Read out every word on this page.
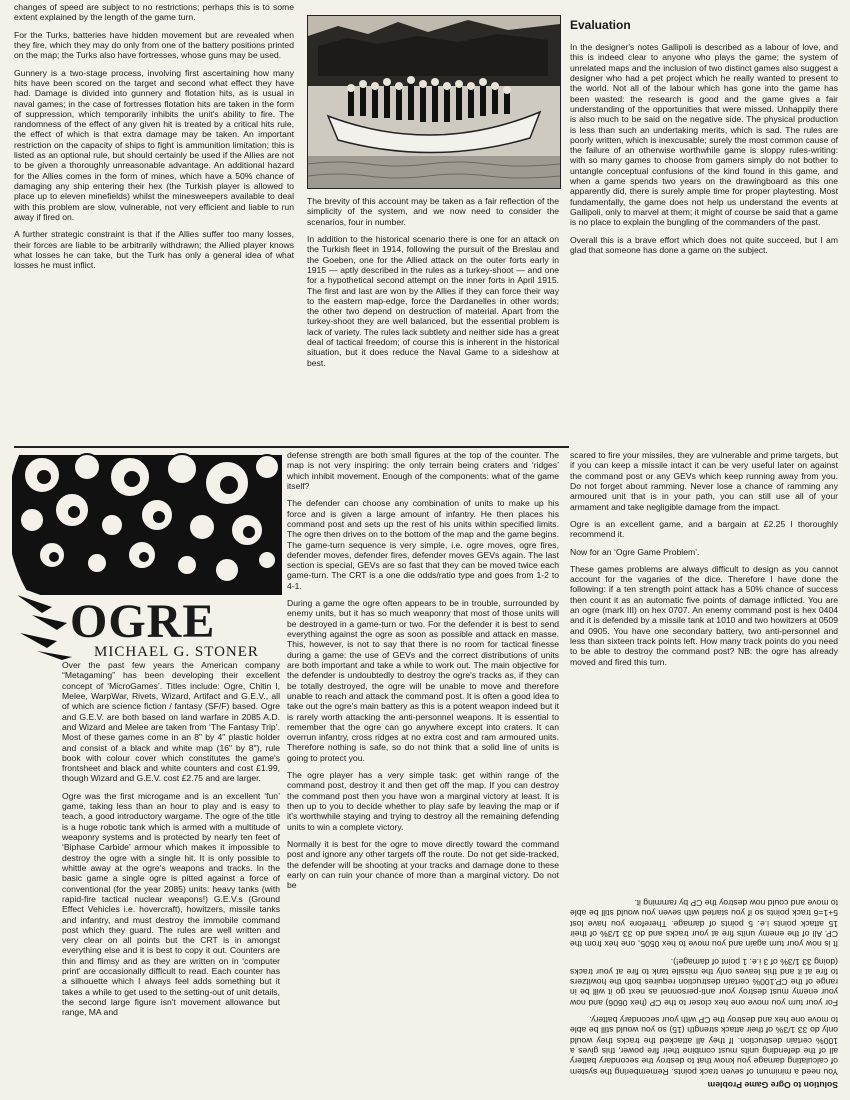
changes of speed are subject to no restrictions; perhaps this is to some extent explained by the length of the game turn.

For the Turks, batteries have hidden movement but are revealed when they fire, which they may do only from one of the battery positions printed on the map; the Turks also have fortresses, whose guns may be used.

Gunnery is a two-stage process, involving first ascertaining how many hits have been scored on the target and second what effect they have had. Damage is divided into gunnery and flotation hits, as is usual in naval games; in the case of fortresses flotation hits are taken in the form of suppression, which temporarily inhibits the unit's ability to fire. The randomness of the effect of any given hit is treated by a critical hits rule, the effect of which is that extra damage may be taken. An important restriction on the capacity of ships to fight is ammunition limitation; this is listed as an optional rule, but should certainly be used if the Allies are not to be given a thoroughly unreasonable advantage. An additional hazard for the Allies comes in the form of mines, which have a 50% chance of damaging any ship entering their hex (the Turkish player is allowed to place up to eleven minefields) whilst the minesweepers available to deal with this problem are slow, vulnerable, not very efficient and liable to run away if fired on.

A further strategic constraint is that if the Allies suffer too many losses, their forces are liable to be arbitrarily withdrawn; the Allied player knows what losses he can take, but the Turk has only a general idea of what losses he must inflict.

The brevity of this account may be taken as a fair reflection of the simplicity of the system, and we now need to consider the scenarios, four in number.

In addition to the historical scenario there is one for an attack on the Turkish fleet in 1914, following the pursuit of the Breslau and the Goeben, one for the Allied attack on the outer forts early in 1915 — aptly described in the rules as a turkey-shoot — and one for a hypothetical second attempt on the inner forts in April 1915. The first and last are won by the Allies if they can force their way to the eastern map-edge, force the Dardanelles in other words; the other two depend on destruction of material. Apart from the turkey-shoot they are well balanced, but the essential problem is lack of variety. The rules lack subtlety and neither side has a great deal of tactical freedom; of course this is inherent in the historical situation, but it does reduce the Naval Game to a sideshow at best.

Evaluation

In the designer's notes Gallipoli is described as a labour of love, and this is indeed clear to anyone who plays the game; the system of unrelated maps and the inclusion of two distinct games also suggest a designer who had a pet project which he really wanted to present to the world. Not all of the labour which has gone into the game has been wasted: the research is good and the game gives a fair understanding of the opportunities that were missed. Unhappily there is also much to be said on the negative side. The physical production is less than such an undertaking merits, which is sad. The rules are poorly written, which is inexcusable; surely the most common cause of the failure of an otherwise worthwhile game is sloppy rules-writing: with so many games to choose from gamers simply do not bother to untangle conceptual confusions of the kind found in this game, and when a game spends two years on the drawingboard as this one apparently did, there is surely ample time for proper playtesting. Most fundamentally, the game does not help us understand the events at Gallipoli, only to marvel at them; it might of course be said that a game is no place to explain the bungling of the commanders of the past.

Overall this is a brave effort which does not quite succeed, but I am glad that someone has done a game on the subject.

OGRE
MICHAEL G. STONER

Over the past few years the American company “Metagaming” has been developing their excellent concept of ‘MicroGames’. Titles include: Ogre, Chitin I, Melee, WarpWar, Rivets, Wizard, Artifact and G.E.V., all of which are science fiction / fantasy (SF/F) based. Ogre and G.E.V. are both based on land warfare in 2085 A.D. and Wizard and Melee are taken from ‘The Fantasy Trip’. Most of these games come in an 8" by 4" plastic holder and consist of a black and white map (16" by 8"), rule book with colour cover which constitutes the game's frontsheet and black and white counters and cost £1.99, though Wizard and G.E.V. cost £2.75 and are larger.

Ogre was the first microgame and is an excellent ‘fun’ game, taking less than an hour to play and is easy to teach, a good introductory wargame. The ogre of the title is a huge robotic tank which is armed with a multitude of weaponry systems and is protected by nearly ten feet of ‘Biphase Carbide’ armour which makes it impossible to destroy the ogre with a single hit. It is only possible to whittle away at the ogre's weapons and tracks. In the basic game a single ogre is pitted against a force of conventional (for the year 2085) units: heavy tanks (with rapid-fire tactical nuclear weapons!) G.E.V.s (Ground Effect Vehicles i.e. hovercraft), howitzers, missile tanks and infantry, and must destroy the immobile command post which they guard. The rules are well written and very clear on all points but the CRT is in amongst everything else and it is best to copy it out. Counters are thin and flimsy and as they are written on in ‘computer print’ are occasionally difficult to read. Each counter has a silhouette which I always feel adds something but it takes a while to get used to the setting-out of unit details, the second large figure isn't movement allowance but range, MA and

defense strength are both small figures at the top of the counter. The map is not very inspiring: the only terrain being craters and ‘ridges’ which inhibit movement. Enough of the components: what of the game itself?

The defender can choose any combination of units to make up his force and is given a large amount of infantry. He then places his command post and sets up the rest of his units within specified limits. The ogre then drives on to the bottom of the map and the game begins. The game-turn sequence is very simple, i.e. ogre moves, ogre fires, defender moves, defender fires, defender moves GEVs again. The last section is special, GEVs are so fast that they can be moved twice each game-turn. The CRT is a one die odds/ratio type and goes from 1-2 to 4-1.

During a game the ogre often appears to be in trouble, surrounded by enemy units, but it has so much weaponry that most of those units will be destroyed in a game-turn or two. For the defender it is best to send everything against the ogre as soon as possible and attack en masse. This, however, is not to say that there is no room for tactical finesse during a game: the use of GEVs and the correct distributions of units are both important and take a while to work out. The main objective for the defender is undoubtedly to destroy the ogre's tracks as, if they can be totally destroyed, the ogre will be unable to move and therefore unable to reach and attack the command post. It is often a good idea to take out the ogre's main battery as this is a potent weapon indeed but it is rarely worth attacking the anti-personnel weapons. It is essential to remember that the ogre can go anywhere except into craters. It can overrun infantry, cross ridges at no extra cost and ram armoured units. Therefore nothing is safe, so do not think that a solid line of units is going to protect you.

The ogre player has a very simple task: get within range of the command post, destroy it and then get off the map. If you can destroy the command post then you have won a marginal victory at least. It is then up to you to decide whether to play safe by leaving the map or if it's worthwhile staying and trying to destroy all the remaining defending units to win a complete victory.

Normally it is best for the ogre to move directly toward the command post and ignore any other targets off the route. Do not get side-tracked, the defender will be shooting at your tracks and damage done to these early on can ruin your chance of more than a marginal victory. Do not be

scared to fire your missiles, they are vulnerable and prime targets, but if you can keep a missile intact it can be very useful later on against the command post or any GEVs which keep running away from you. Do not forget about ramming. Never lose a chance of ramming any armoured unit that is in your path, you can still use all of your armament and take negligible damage from the impact.

Ogre is an excellent game, and a bargain at £2.25 I thoroughly recommend it.

Now for an ‘Ogre Game Problem’.

These games problems are always difficult to design as you cannot account for the vagaries of the dice. Therefore I have done the following: if a ten strength point attack has a 50% chance of success then count it as an automatic five points of damage inflicted. You are an ogre (mark III) on hex 0707. An enemy command post is hex 0404 and it is defended by a missile tank at 1010 and two howitzers at 0509 and 0905. You have one secondary battery, two anti-personnel and less than sixteen track points left. How many track points do you need to be able to destroy the command post? NB: the ogre has already moved and fired this turn.

Solution to Ogre Game Problem

You need a minimum of seven track points. Remembering the system of calculating damage you know that to destroy the secondary battery all of the defending units must combine their fire power, this gives a 100% certain destruction. If they all attacked the tracks they would only do 33 1/3% of their attack strength (15) so you would still be able to move one hex and destroy the CP with your secondary battery.

For your turn you move one hex closer to the CP (hex 0606) and now your enemy must destroy your anti-personnel as next go it will be in range of the CP.100% certain destruction requires both the howitzers to fire at it and this leaves only the missile tank to fire at your tracks (doing 33 1/3% of 3 i.e. 1 point of damage!).

It is now your turn again and you move to hex 0505, one hex from the CP. All of the enemy units fire at your tracks and do 33 1/3% of their 15 attack points i.e. 5 points of damage. Therefore you have lost 5+1=6 track points so if you started with seven you would still be able to move and could now destroy the CP by ramming it.
